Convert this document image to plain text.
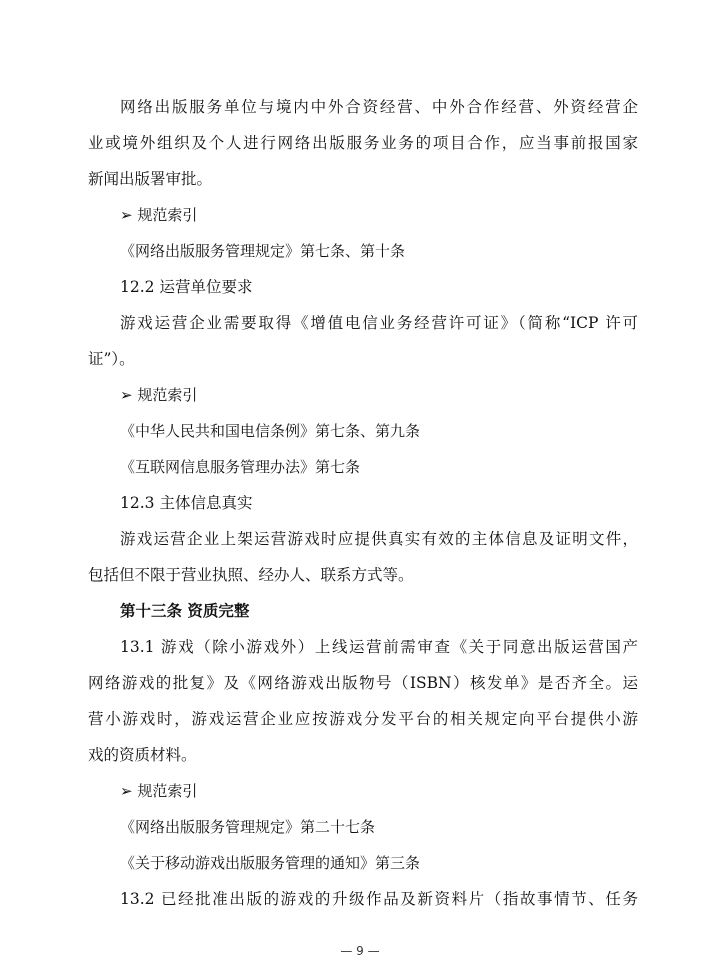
网络出版服务单位与境内中外合资经营、中外合作经营、外资经营企
业或境外组织及个人进行网络出版服务业务的项目合作，应当事前报国家
新闻出版署审批。
➢ 规范索引
《网络出版服务管理规定》第七条、第十条
12.2 运营单位要求
游戏运营企业需要取得《增值电信业务经营许可证》（简称“ICP 许可
证”）。
➢ 规范索引
《中华人民共和国电信条例》第七条、第九条
《互联网信息服务管理办法》第七条
12.3 主体信息真实
游戏运营企业上架运营游戏时应提供真实有效的主体信息及证明文件，
包括但不限于营业执照、经办人、联系方式等。
第十三条 资质完整
13.1 游戏（除小游戏外）上线运营前需审查《关于同意出版运营国产
网络游戏的批复》及《网络游戏出版物号（ISBN）核发单》是否齐全。运
营小游戏时，游戏运营企业应按游戏分发平台的相关规定向平台提供小游
戏的资质材料。
➢ 规范索引
《网络出版服务管理规定》第二十七条
《关于移动游戏出版服务管理的通知》第三条
13.2 已经批准出版的游戏的升级作品及新资料片（指故事情节、任务
— 9 —
